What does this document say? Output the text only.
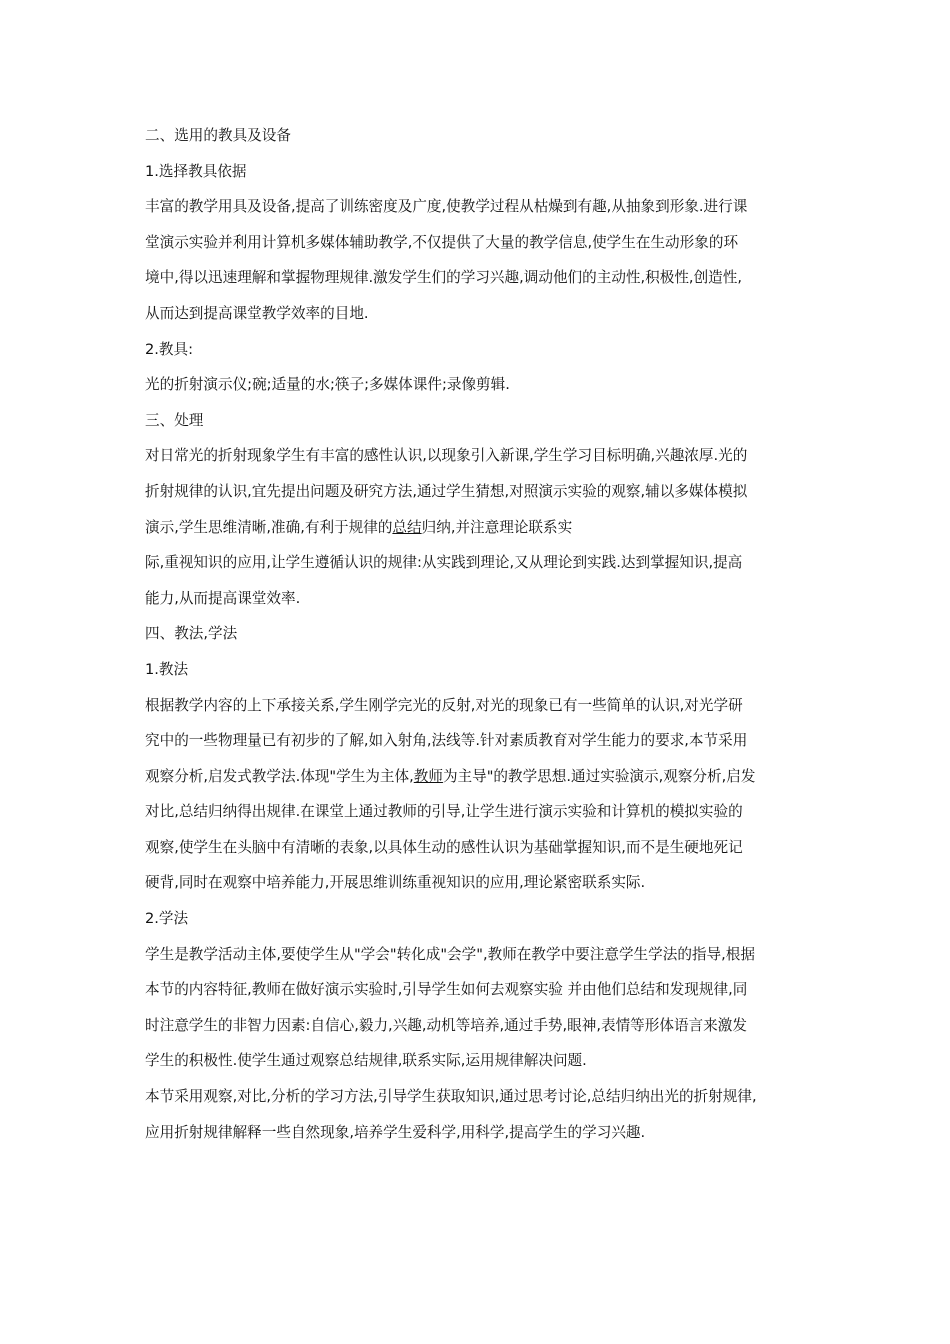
二、选用的教具及设备
1.选择教具依据
丰富的教学用具及设备,提高了训练密度及广度,使教学过程从枯燥到有趣,从抽象到形象.进行课
堂演示实验并利用计算机多媒体辅助教学,不仅提供了大量的教学信息,使学生在生动形象的环
境中,得以迅速理解和掌握物理规律.激发学生们的学习兴趣,调动他们的主动性,积极性,创造性,
从而达到提高课堂教学效率的目地.
2.教具:
光的折射演示仪;碗;适量的水;筷子;多媒体课件;录像剪辑.
三、处理
对日常光的折射现象学生有丰富的感性认识,以现象引入新课,学生学习目标明确,兴趣浓厚.光的
折射规律的认识,宜先提出问题及研究方法,通过学生猜想,对照演示实验的观察,辅以多媒体模拟
演示,学生思维清晰,准确,有利于规律的总结归纳,并注意理论联系实
际,重视知识的应用,让学生遵循认识的规律:从实践到理论,又从理论到实践.达到掌握知识,提高
能力,从而提高课堂效率.
四、教法,学法
1.教法
根据教学内容的上下承接关系,学生刚学完光的反射,对光的现象已有一些简单的认识,对光学研
究中的一些物理量已有初步的了解,如入射角,法线等.针对素质教育对学生能力的要求,本节采用
观察分析,启发式教学法.体现"学生为主体,教师为主导"的教学思想.通过实验演示,观察分析,启发
对比,总结归纳得出规律.在课堂上通过教师的引导,让学生进行演示实验和计算机的模拟实验的
观察,使学生在头脑中有清晰的表象,以具体生动的感性认识为基础掌握知识,而不是生硬地死记
硬背,同时在观察中培养能力,开展思维训练重视知识的应用,理论紧密联系实际.
2.学法
学生是教学活动主体,要使学生从"学会"转化成"会学",教师在教学中要注意学生学法的指导,根据
本节的内容特征,教师在做好演示实验时,引导学生如何去观察实验 并由他们总结和发现规律,同
时注意学生的非智力因素:自信心,毅力,兴趣,动机等培养,通过手势,眼神,表情等形体语言来激发
学生的积极性.使学生通过观察总结规律,联系实际,运用规律解决问题.
本节采用观察,对比,分析的学习方法,引导学生获取知识,通过思考讨论,总结归纳出光的折射规律,
应用折射规律解释一些自然现象,培养学生爱科学,用科学,提高学生的学习兴趣.
